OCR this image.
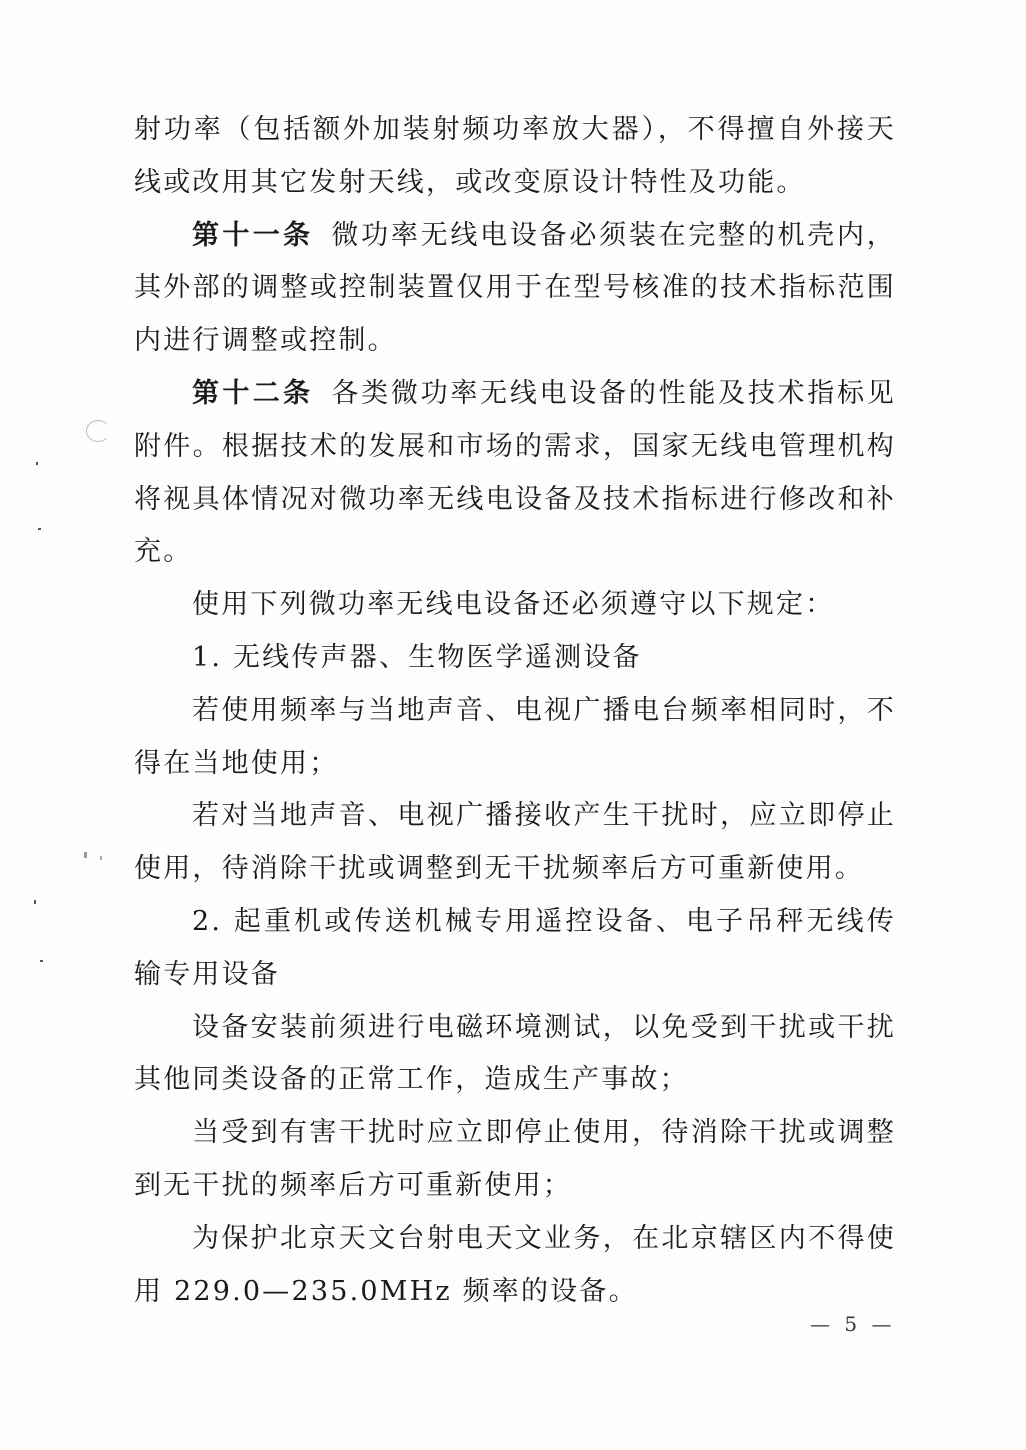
射功率（包括额外加装射频功率放大器），不得擅自外接天线或改用其它发射天线，或改变原设计特性及功能。

第十一条 微功率无线电设备必须装在完整的机壳内，其外部的调整或控制装置仅用于在型号核准的技术指标范围内进行调整或控制。

第十二条 各类微功率无线电设备的性能及技术指标见附件。根据技术的发展和市场的需求，国家无线电管理机构将视具体情况对微功率无线电设备及技术指标进行修改和补充。

使用下列微功率无线电设备还必须遵守以下规定：

1. 无线传声器、生物医学遥测设备

若使用频率与当地声音、电视广播电台频率相同时，不得在当地使用；

若对当地声音、电视广播接收产生干扰时，应立即停止使用，待消除干扰或调整到无干扰频率后方可重新使用。

2. 起重机或传送机械专用遥控设备、电子吊秤无线传输专用设备

设备安装前须进行电磁环境测试，以免受到干扰或干扰其他同类设备的正常工作，造成生产事故；

当受到有害干扰时应立即停止使用，待消除干扰或调整到无干扰的频率后方可重新使用；

为保护北京天文台射电天文业务，在北京辖区内不得使用 229.0—235.0MHz 频率的设备。

— 5 —
